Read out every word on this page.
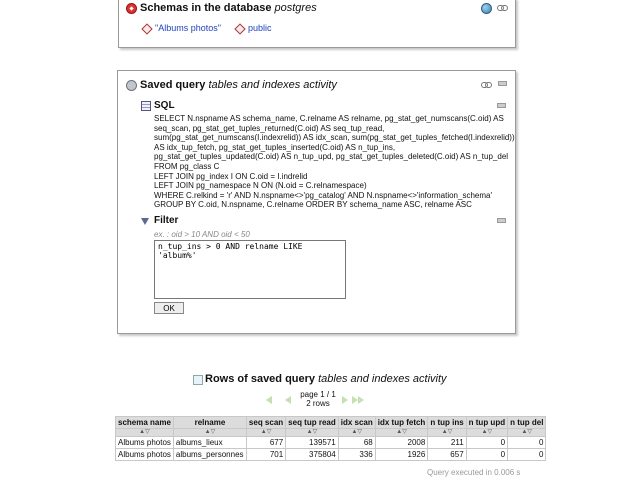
Schemas in the database postgres
"Albums photos"	public
Saved query tables and indexes activity
SQL
SELECT N.nspname AS schema_name, C.relname AS relname, pg_stat_get_numscans(C.oid) AS
seq_scan, pg_stat_get_tuples_returned(C.oid) AS seq_tup_read,
sum(pg_stat_get_numscans(I.indexrelid)) AS idx_scan, sum(pg_stat_get_tuples_fetched(I.indexrelid))
AS idx_tup_fetch, pg_stat_get_tuples_inserted(C.oid) AS n_tup_ins,
pg_stat_get_tuples_updated(C.oid) AS n_tup_upd, pg_stat_get_tuples_deleted(C.oid) AS n_tup_del
FROM pg_class C
LEFT JOIN pg_index I ON C.oid = I.indrelid
LEFT JOIN pg_namespace N ON (N.oid = C.relnamespace)
WHERE C.relkind = 'r' AND N.nspname<>'pg_catalog' AND N.nspname<>'information_schema'
GROUP BY C.oid, N.nspname, C.relname ORDER BY schema_name ASC, relname ASC
Filter
ex. : oid > 10 AND oid < 50
n_tup_ins > 0 AND relname LIKE 'album%'
OK
Rows of saved query tables and indexes activity
page 1 / 1
2 rows
schema name	relname	seq scan	seq tup read	idx scan	idx tup fetch	n tup ins	n tup upd	n tup del
▲▽	▲▽	▲▽	▲▽	▲▽	▲▽	▲▽	▲▽	▲▽
Albums photos	albums_lieux	677	139571	68	2008	211	0	0
Albums photos	albums_personnes	701	375804	336	1926	657	0	0
Query executed in 0.006 s
